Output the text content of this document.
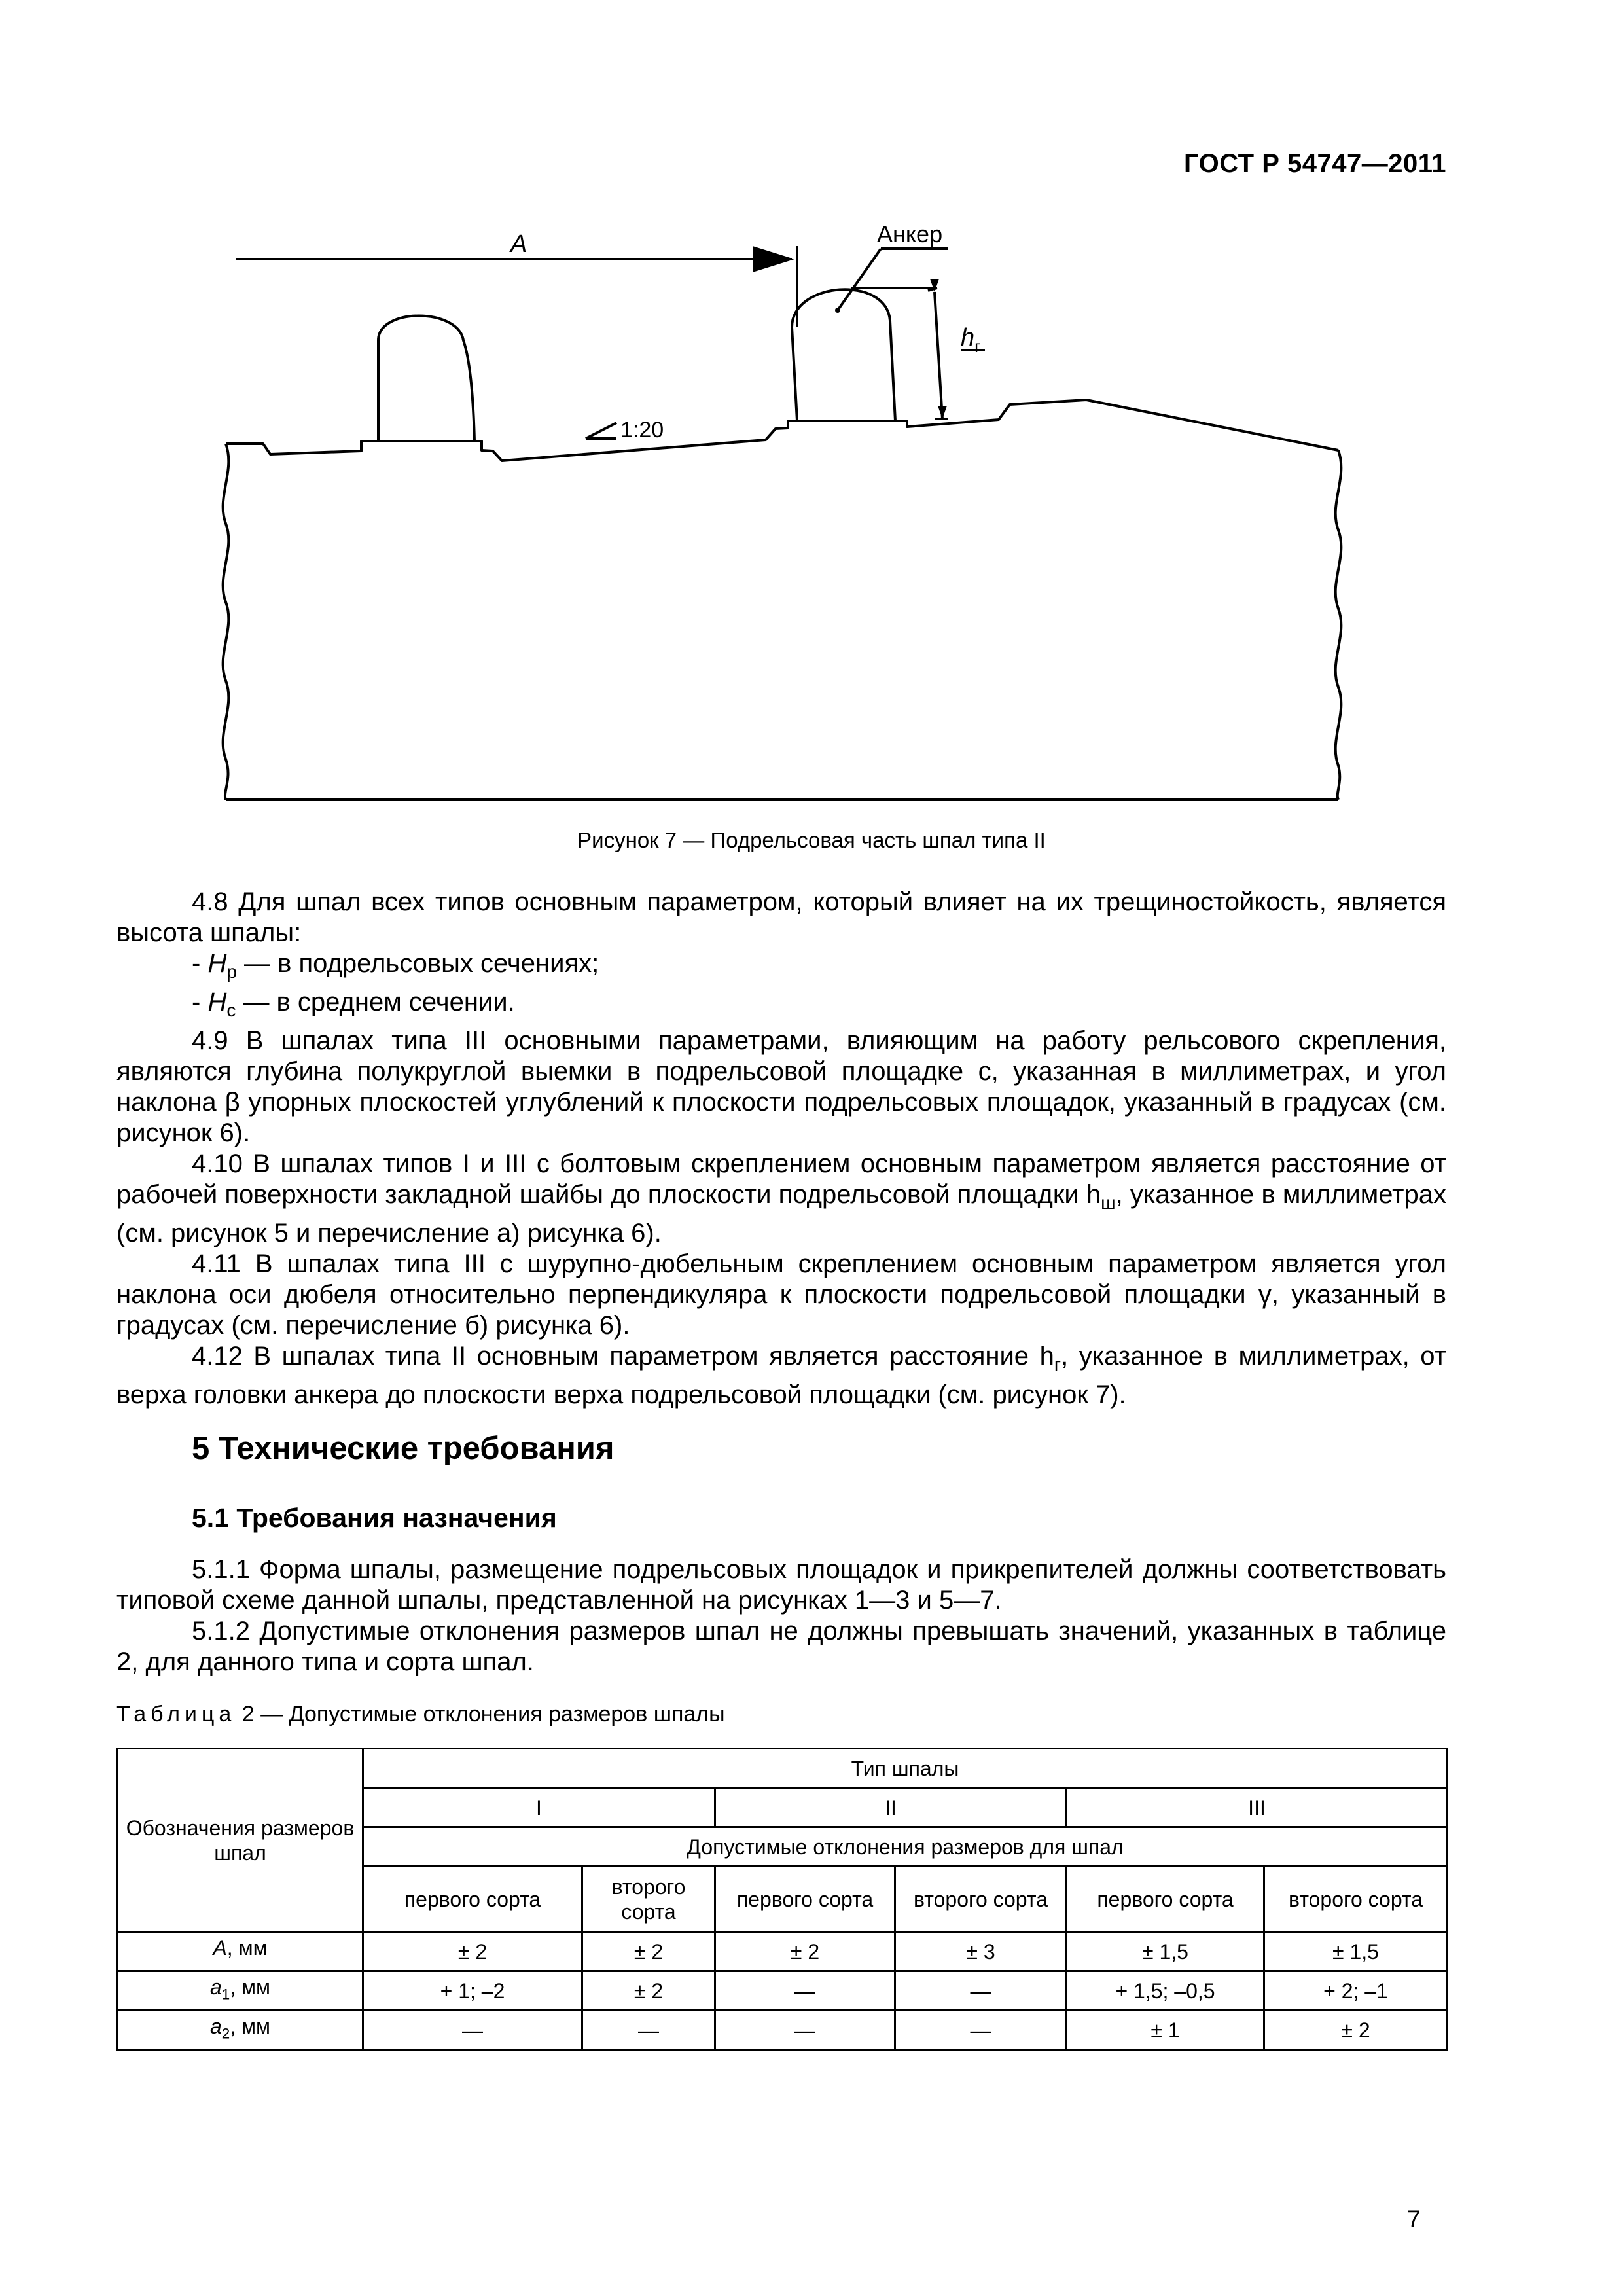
ГОСТ Р 54747—2011
А	Анкер
$h_г$
1:20
Рисунок 7 — Подрельсовая часть шпал типа II

4.8 Для шпал всех типов основным параметром, который влияет на их трещиностойкость, является высота шпалы:

- $H_p$ — в подрельсовых сечениях;

- $H_c$ — в среднем сечении.

4.9 В шпалах типа III основными параметрами, влияющим на работу рельсового скрепления, являются глубина полукруглой выемки в подрельсовой площадке c, указанная в миллиметрах, и угол наклона β упорных плоскостей углублений к плоскости подрельсовых площадок, указанный в градусах (см. рисунок 6).

4.10 В шпалах типов I и III с болтовым скреплением основным параметром является расстояние от рабочей поверхности закладной шайбы до плоскости подрельсовой площадки $h_ш$, указанное в миллиметрах (см. рисунок 5 и перечисление а) рисунка 6).

4.11 В шпалах типа III с шурупно-дюбельным скреплением основным параметром является угол наклона оси дюбеля относительно перпендикуляра к плоскости подрельсовой площадки γ, указанный в градусах (см. перечисление б) рисунка 6).

4.12 В шпалах типа II основным параметром является расстояние $h_г$, указанное в миллиметрах, от верха головки анкера до плоскости верха подрельсовой площадки (см. рисунок 7).

5 Технические требования
5.1 Требования назначения

5.1.1 Форма шпалы, размещение подрельсовых площадок и прикрепителей должны соответствовать типовой схеме данной шпалы, представленной на рисунках 1—3 и 5—7.

5.1.2 Допустимые отклонения размеров шпал не должны превышать значений, указанных в таблице 2, для данного типа и сорта шпал.

Таблица 2 — Допустимые отклонения размеров шпалы
Обозначения размеров шпал	Тип шпалы					
	I		II		III	
	Допустимые отклонения размеров для шпал					
	первого сорта	второго сорта	первого сорта	второго сорта	первого сорта	второго сорта
A, мм	± 2	± 2	± 2	± 3	± 1,5	± 1,5
$a_1$, мм	+ 1; –2	± 2	—	—	+ 1,5; –0,5	+ 2; –1
$a_2$, мм	—	—	—	—	± 1	± 2
7
